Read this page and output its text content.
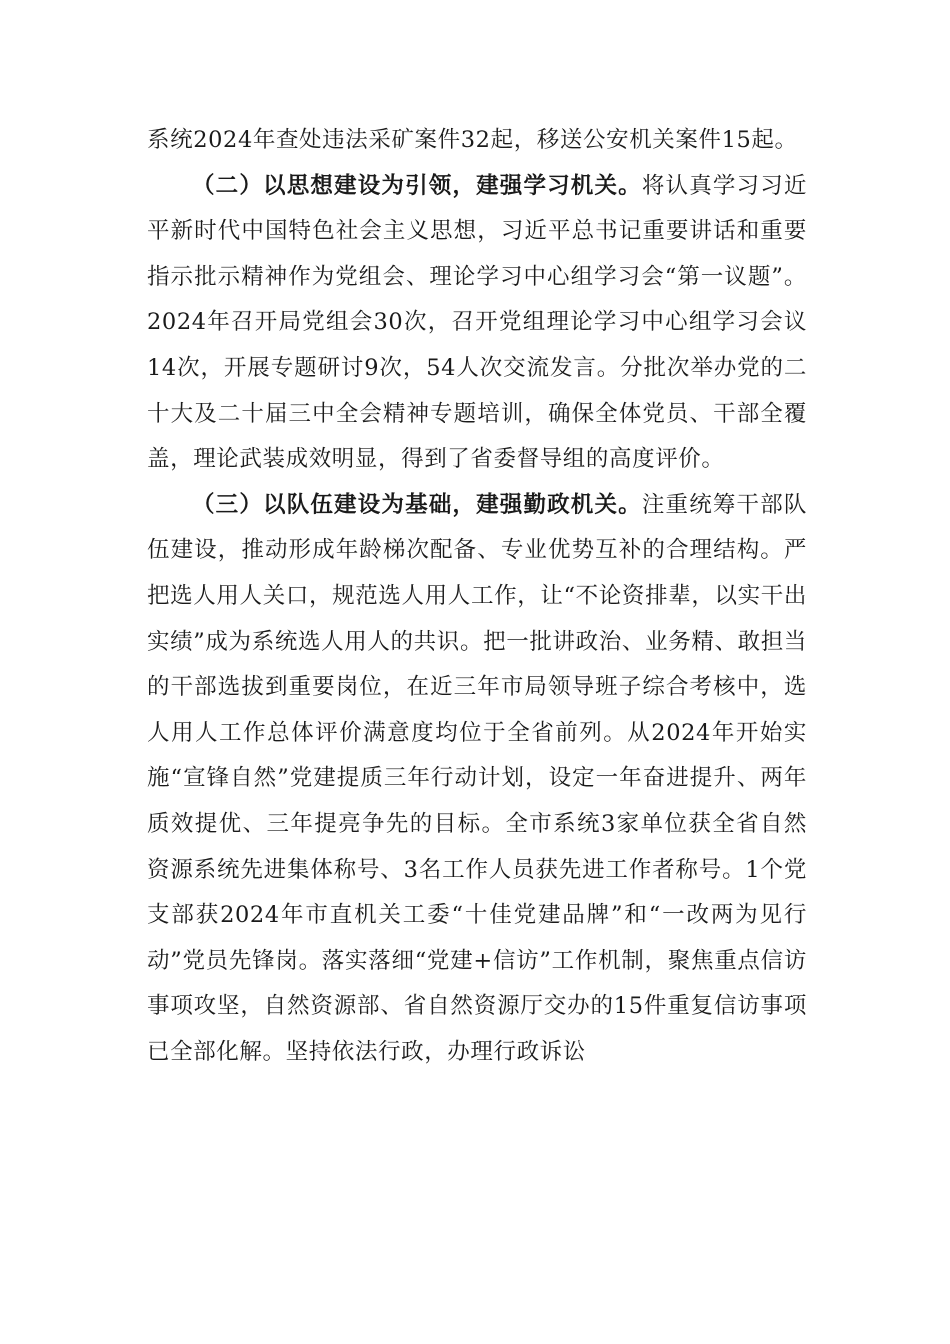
系统2024年查处违法采矿案件32起，移送公安机关案件15起。

（二）以思想建设为引领，建强学习机关。将认真学习习近平新时代中国特色社会主义思想，习近平总书记重要讲话和重要指示批示精神作为党组会、理论学习中心组学习会“第一议题”。2024年召开局党组会30次，召开党组理论学习中心组学习会议14次，开展专题研讨9次，54人次交流发言。分批次举办党的二十大及二十届三中全会精神专题培训，确保全体党员、干部全覆盖，理论武装成效明显，得到了省委督导组的高度评价。

（三）以队伍建设为基础，建强勤政机关。注重统筹干部队伍建设，推动形成年龄梯次配备、专业优势互补的合理结构。严把选人用人关口，规范选人用人工作，让“不论资排辈，以实干出实绩”成为系统选人用人的共识。把一批讲政治、业务精、敢担当的干部选拔到重要岗位，在近三年市局领导班子综合考核中，选人用人工作总体评价满意度均位于全省前列。从2024年开始实施“宣锋自然”党建提质三年行动计划，设定一年奋进提升、两年质效提优、三年提亮争先的目标。全市系统3家单位获全省自然资源系统先进集体称号、3名工作人员获先进工作者称号。1个党支部获2024年市直机关工委“十佳党建品牌”和“一改两为见行动”党员先锋岗。落实落细“党建+信访”工作机制，聚焦重点信访事项攻坚，自然资源部、省自然资源厅交办的15件重复信访事项已全部化解。坚持依法行政，办理行政诉讼
